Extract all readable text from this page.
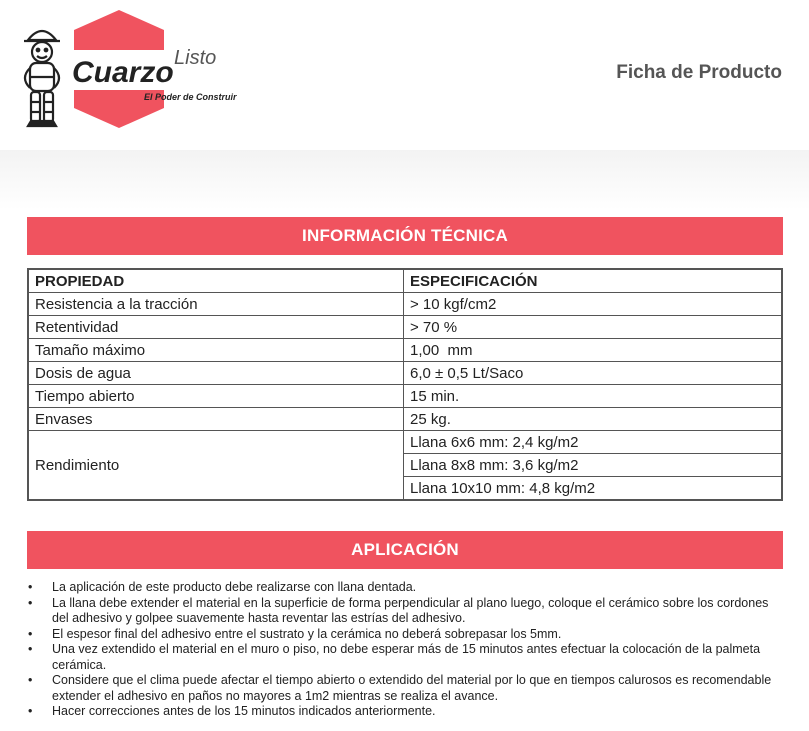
Cuarzo Listo
El Poder de Construir
Ficha de Producto
INFORMACIÓN TÉCNICA
PROPIEDAD	ESPECIFICACIÓN
Resistencia a la tracción	> 10 kgf/cm2
Retentividad	> 70 %
Tamaño máximo	1,00  mm
Dosis de agua	6,0 ± 0,5 Lt/Saco
Tiempo abierto	15 min.
Envases	25 kg.
Rendimiento	Llana 6x6 mm: 2,4 kg/m2
	Llana 8x8 mm: 3,6 kg/m2
	Llana 10x10 mm: 4,8 kg/m2
APLICACIÓN
• La aplicación de este producto debe realizarse con llana dentada.
• La llana debe extender el material en la superficie de forma perpendicular al plano luego, coloque el cerámico sobre los cordones del adhesivo y golpee suavemente hasta reventar las estrías del adhesivo.
• El espesor final del adhesivo entre el sustrato y la cerámica no deberá sobrepasar los 5mm.
• Una vez extendido el material en el muro o piso, no debe esperar más de 15 minutos antes efectuar la colocación de la palmeta cerámica.
• Considere que el clima puede afectar el tiempo abierto o extendido del material por lo que en tiempos calurosos es recomendable extender el adhesivo en paños no mayores a 1m2 mientras se realiza el avance.
• Hacer correcciones antes de los 15 minutos indicados anteriormente.
